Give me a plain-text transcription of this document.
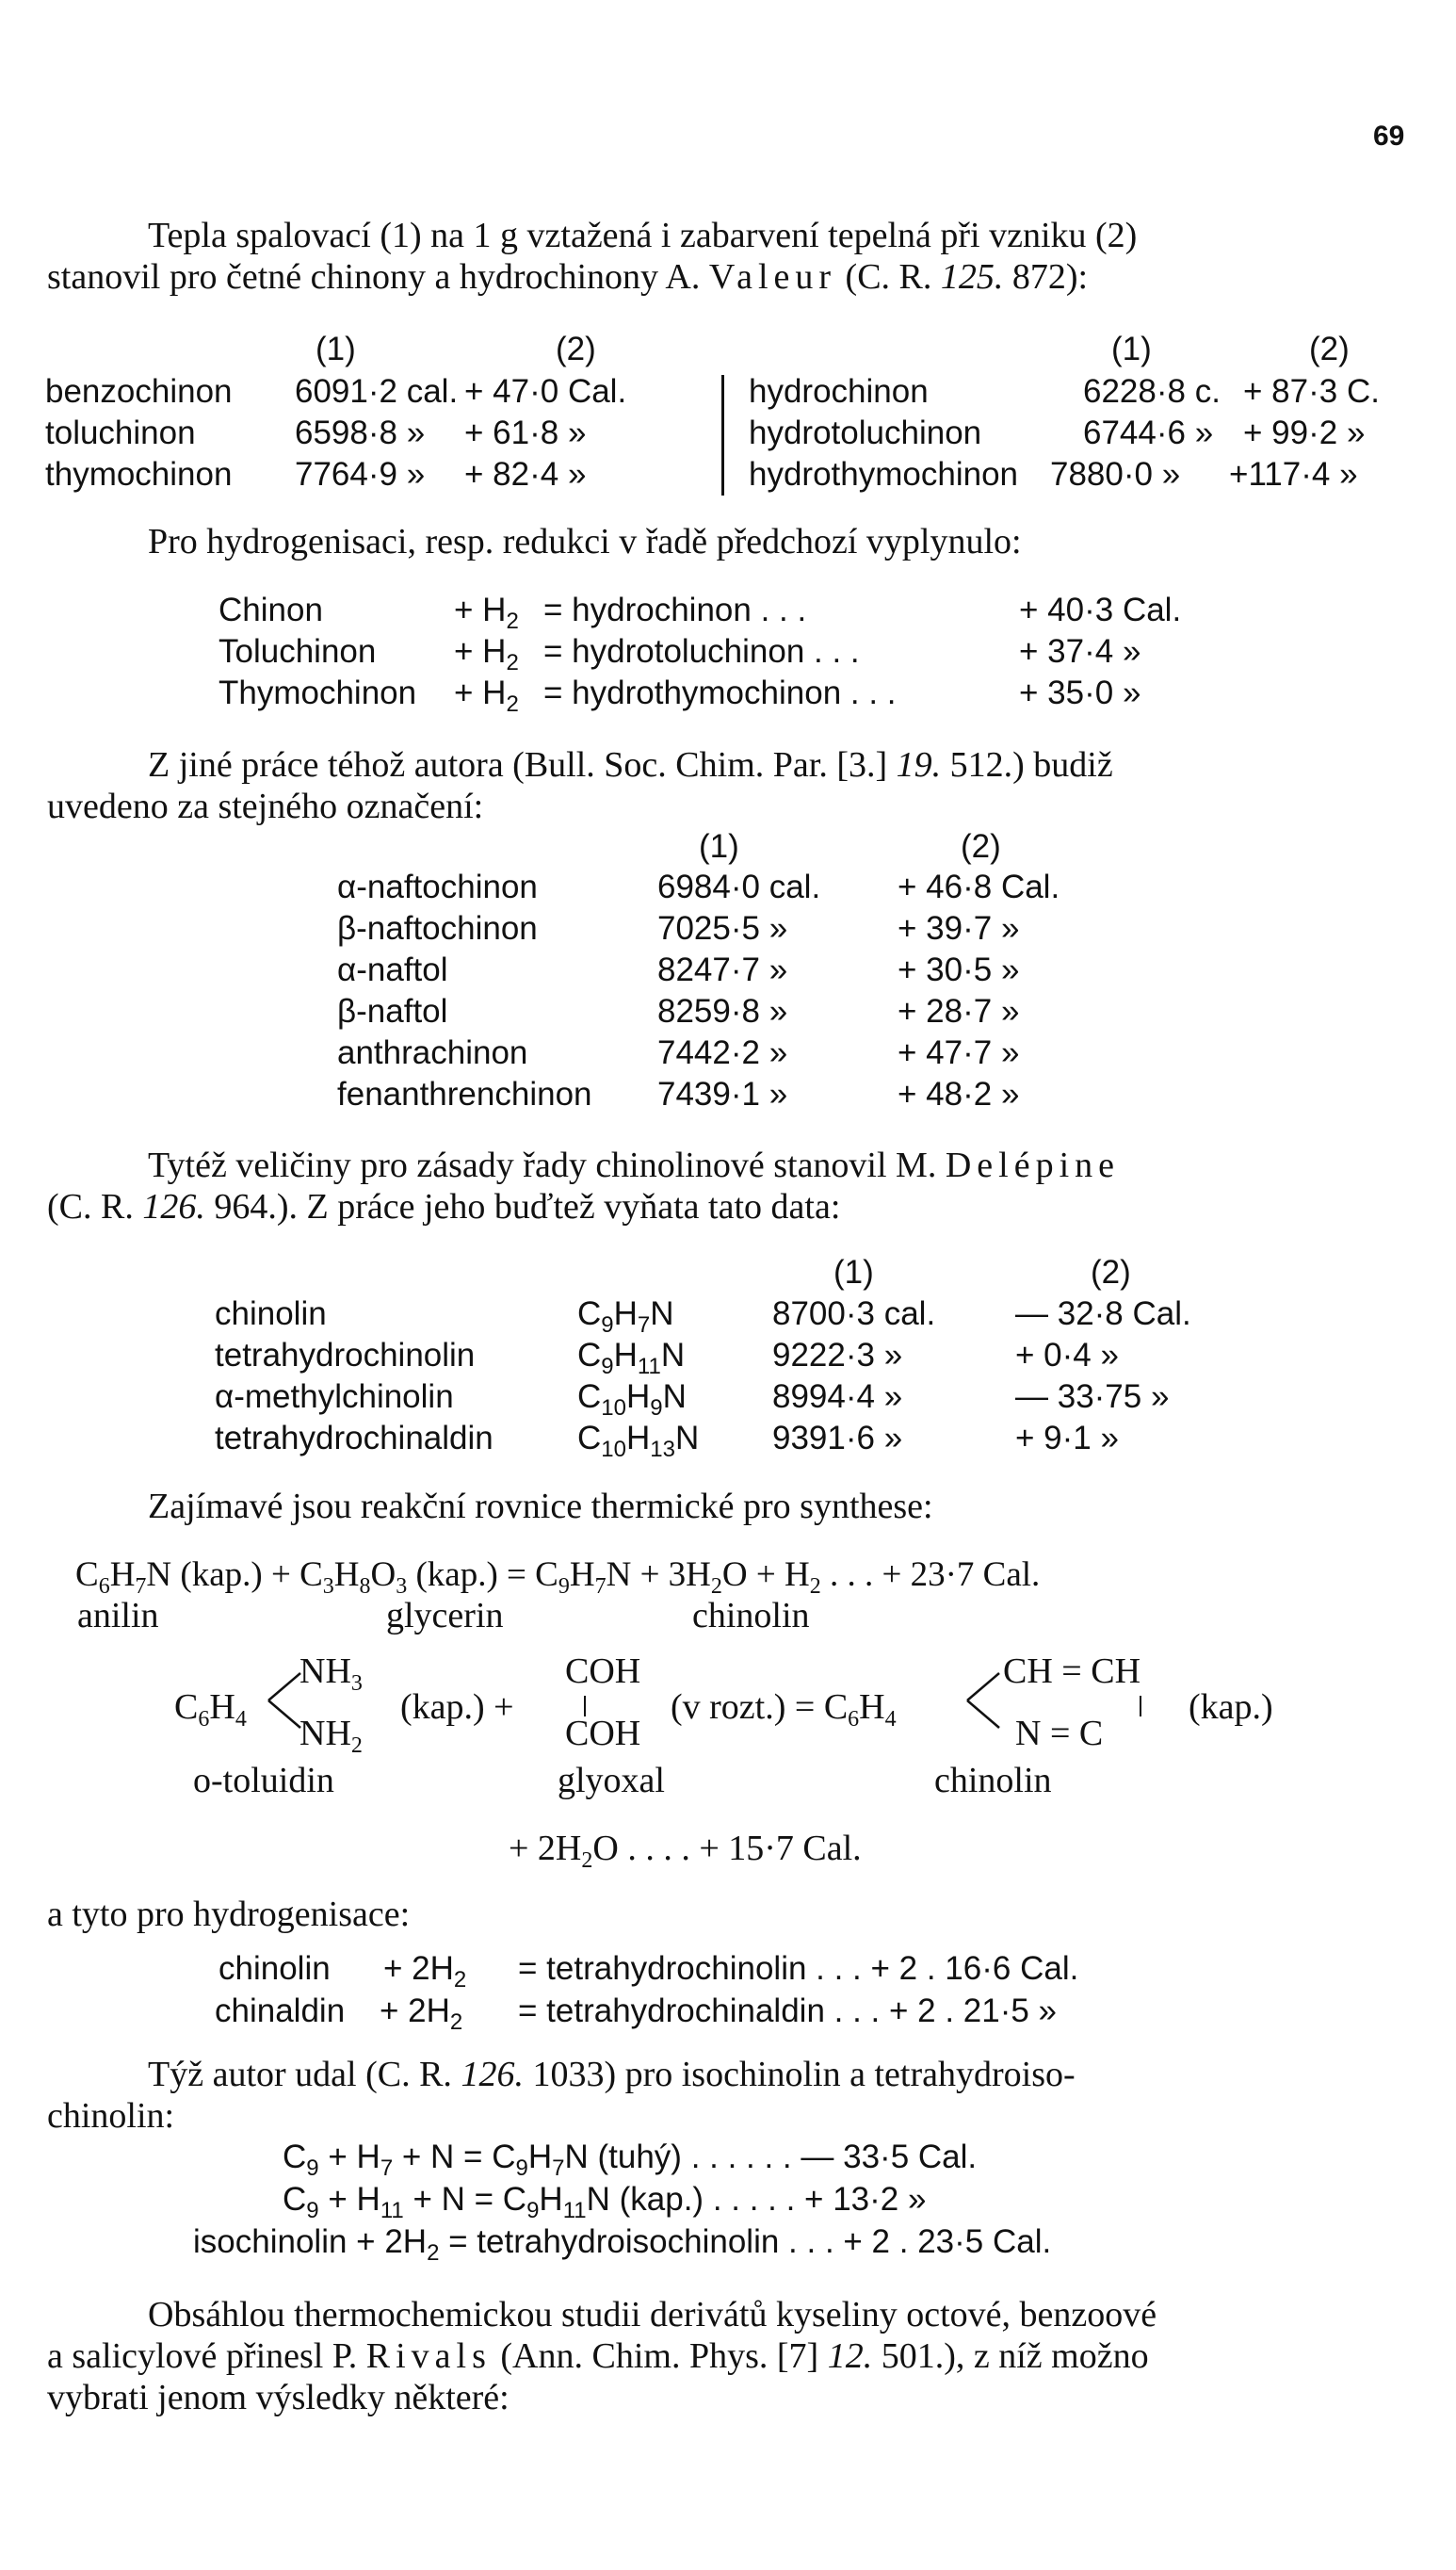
69
Tepla spalovací (1) na 1 g vztažená i zabarvení tepelná při vzniku (2)
stanovil pro četné chinony a hydrochinony A. Valeur (C. R. 125. 872):
(1)	(2)	(1)	(2)
benzochinon 6091·2 cal. + 47·0 Cal.
toluchinon	6598·8 » + 61·8 »
thymochinon 7764·9 » + 82·4 »
hydrochinon	6228·8 c. + 87·3 C.
hydrotoluchinon	6744·6 » + 99·2 »
hydrothymochinon 7880·0 » +117·4 »
Pro hydrogenisaci, resp. redukci v řadě předchozí vyplynulo:
Chinon	+ $H_2$ = hydrochinon . . .	+ 40·3 Cal.
Toluchinon + $H_2$ = hydrotoluchinon . . .	+ 37·4 »
Thymochinon + $H_2$ = hydrothymochinon . . .	+ 35·0 »
Z jiné práce téhož autora (Bull. Soc. Chim. Par. [3.] 19. 512.) budiž
uvedeno za stejného označení:
(1)	(2)
α-naftochinon	6984·0 cal. + 46·8 Cal.
β-naftochinon	7025·5 »	+ 39·7 »
α-naftol	8247·7 »	+ 30·5 »
β-naftol	8259·8 »	+ 28·7 »
anthrachinon	7442·2 »	+ 47·7 »
fenanthrenchinon 7439·1 »	+ 48·2 »
Tytéž veličiny pro zásady řady chinolinové stanovil M. Delépine
(C. R. 126. 964.). Z práce jeho buďtež vyňata tato data:
(1)	(2)
chinolin	$C_9H_7N$	8700·3 cal. — 32·8 Cal.
tetrahydrochinolin	$C_9H_{11}N$	9222·3 »	+ 0·4 »
α-methylchinolin	$C_{10}H_9N$	8994·4 »	— 33·75 »
tetrahydrochinaldin	$C_{10}H_{13}N$ 9391·6 »	+ 9·1 »
Zajímavé jsou reakční rovnice thermické pro synthese:
$C_6H_7N$ $(kap.) + C_3H_8O_3$ $(kap.) = C_9H_7N + 3H_2O + H_2$ . . . + 23·7 Cal.
anilin	glycerin	chinolin
$C_6H_4$
$NH_3$
$NH_2$
(kap.) +
COH
COH
(v rozt.) = $C_6H_4$
CH = CH
N = C
(kap.)
o-toluidin	glyoxal	chinolin
+ $2H_2O$ . . . . + 15·7 Cal.
a tyto pro hydrogenisace:
chinolin + $2H_2$ = tetrahydrochinolin . . . + 2 . 16·6 Cal.
chinaldin + $2H_2$ = tetrahydrochinaldin . . . + 2 . 21·5 »
Týž autor udal (C. R. 126. 1033) pro isochinolin a tetrahydroiso-
chinolin:
$C_9 + H_7 + N = C_9H_7N$ (tuhý) . . . . . . — 33·5 Cal.
$C_9 + H_{11} + N = C_9H_{11}N$ (kap.) . . . . . + 13·2 »
isochinolin + $2H_2$ = tetrahydroisochinolin . . . + 2 . 23·5 Cal.
Obsáhlou thermochemickou studii derivátů kyseliny octové, benzoové
a salicylové přinesl P. Rivals (Ann. Chim. Phys. [7] 12. 501.), z níž možno
vybrati jenom výsledky některé:
